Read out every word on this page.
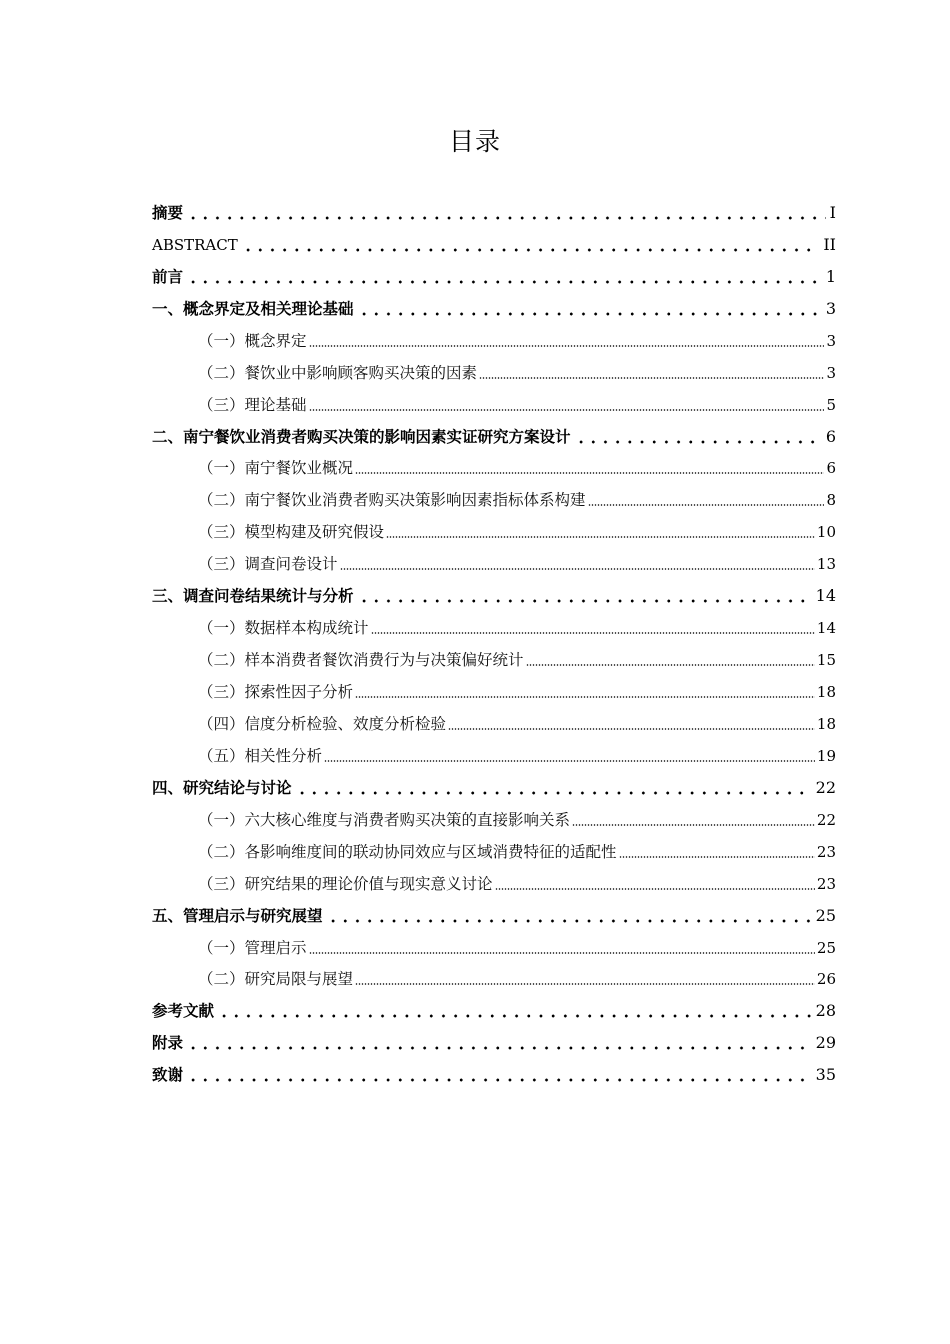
目录
摘要	I
ABSTRACT	II
前言	1
一、概念界定及相关理论基础	3
（一）概念界定	3
（二）餐饮业中影响顾客购买决策的因素	3
（三）理论基础	5
二、南宁餐饮业消费者购买决策的影响因素实证研究方案设计	6
（一）南宁餐饮业概况	6
（二）南宁餐饮业消费者购买决策影响因素指标体系构建	8
（三）模型构建及研究假设	10
（三）调查问卷设计	13
三、调查问卷结果统计与分析	14
（一）数据样本构成统计	14
（二）样本消费者餐饮消费行为与决策偏好统计	15
（三）探索性因子分析	18
（四）信度分析检验、效度分析检验	18
（五）相关性分析	19
四、研究结论与讨论	22
（一）六大核心维度与消费者购买决策的直接影响关系	22
（二）各影响维度间的联动协同效应与区域消费特征的适配性	23
（三）研究结果的理论价值与现实意义讨论	23
五、管理启示与研究展望	25
（一）管理启示	25
（二）研究局限与展望	26
参考文献	28
附录	29
致谢	35
